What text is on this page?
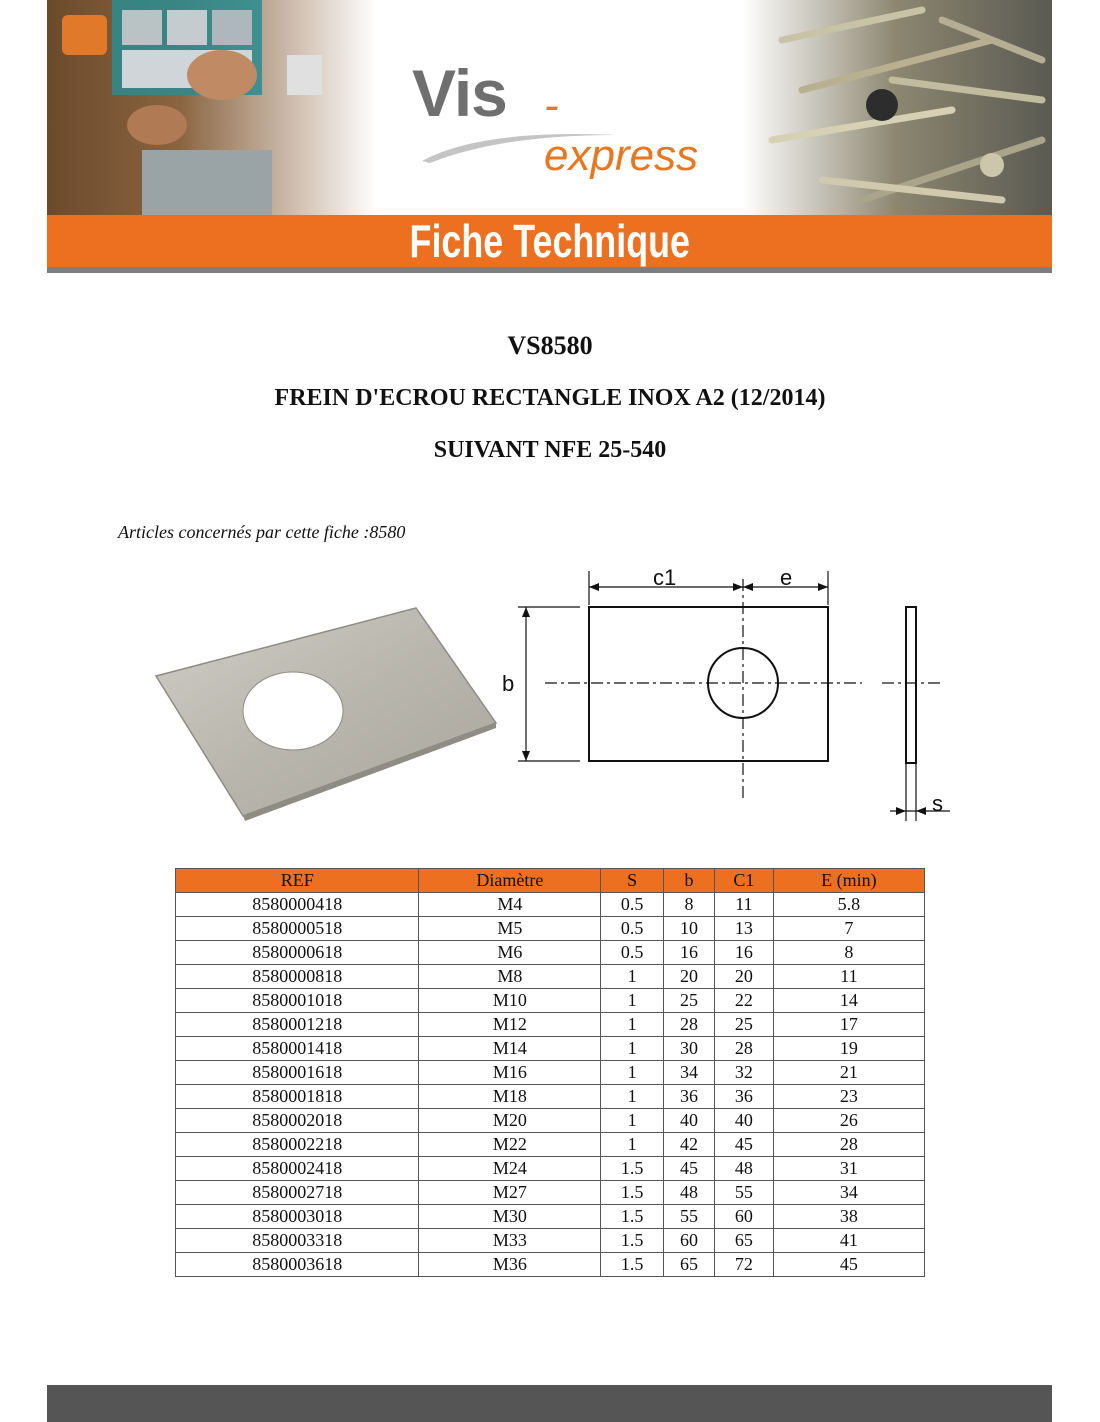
Vis -express
Fiche Technique

VS8580

FREIN D'ECROU RECTANGLE INOX A2 (12/2014)

SUIVANT NFE 25-540

Articles concernés par cette fiche :8580
c1	e
b
s
REF	Diamètre	S	b	C1	E (min)
8580000418	M4	0.5	8	11	5.8
8580000518	M5	0.5	10	13	7
8580000618	M6	0.5	16	16	8
8580000818	M8	1	20	20	11
8580001018	M10	1	25	22	14
8580001218	M12	1	28	25	17
8580001418	M14	1	30	28	19
8580001618	M16	1	34	32	21
8580001818	M18	1	36	36	23
8580002018	M20	1	40	40	26
8580002218	M22	1	42	45	28
8580002418	M24	1.5	45	48	31
8580002718	M27	1.5	48	55	34
8580003018	M30	1.5	55	60	38
8580003318	M33	1.5	60	65	41
8580003618	M36	1.5	65	72	45
